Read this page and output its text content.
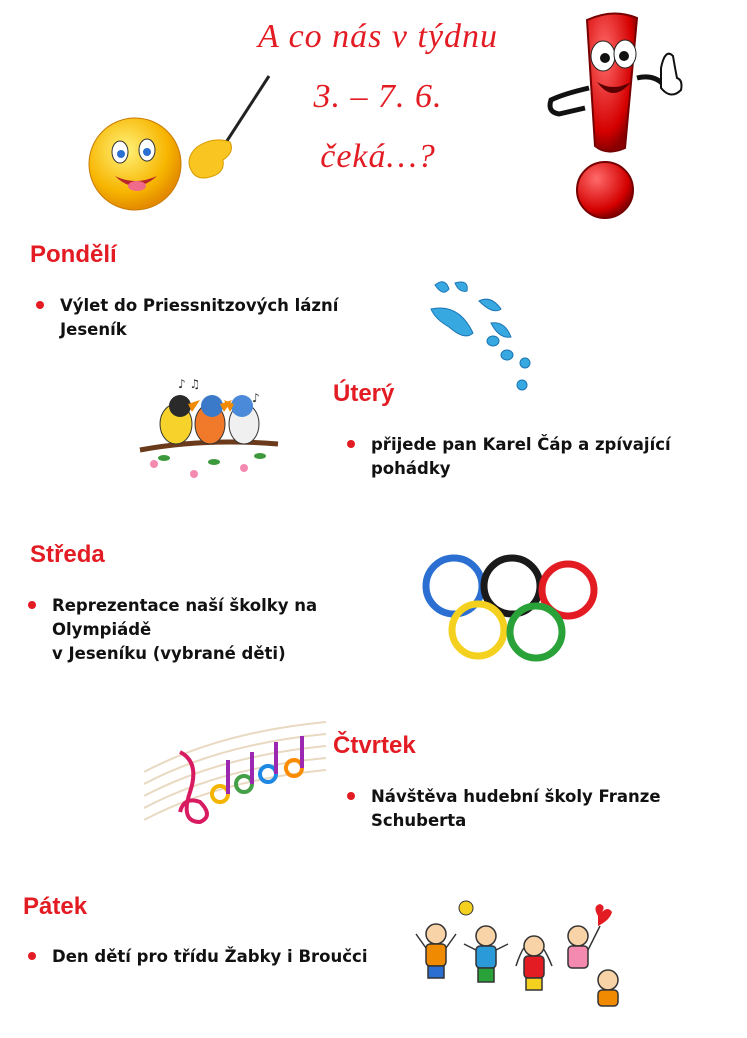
A co nás v týdnu
3. – 7. 6.
čeká…?
Pondělí
Výlet do Priessnitzových lázní Jeseník
♪ ♫
♪	Úterý
přijede pan Karel Čáp a zpívající pohádky
Středa
Reprezentace naší školky na Olympiádě
v Jeseníku (vybrané děti)
Čtvrtek
Návštěva hudební školy Franze Schuberta
Pátek
Den dětí pro třídu Žabky i Broučci
